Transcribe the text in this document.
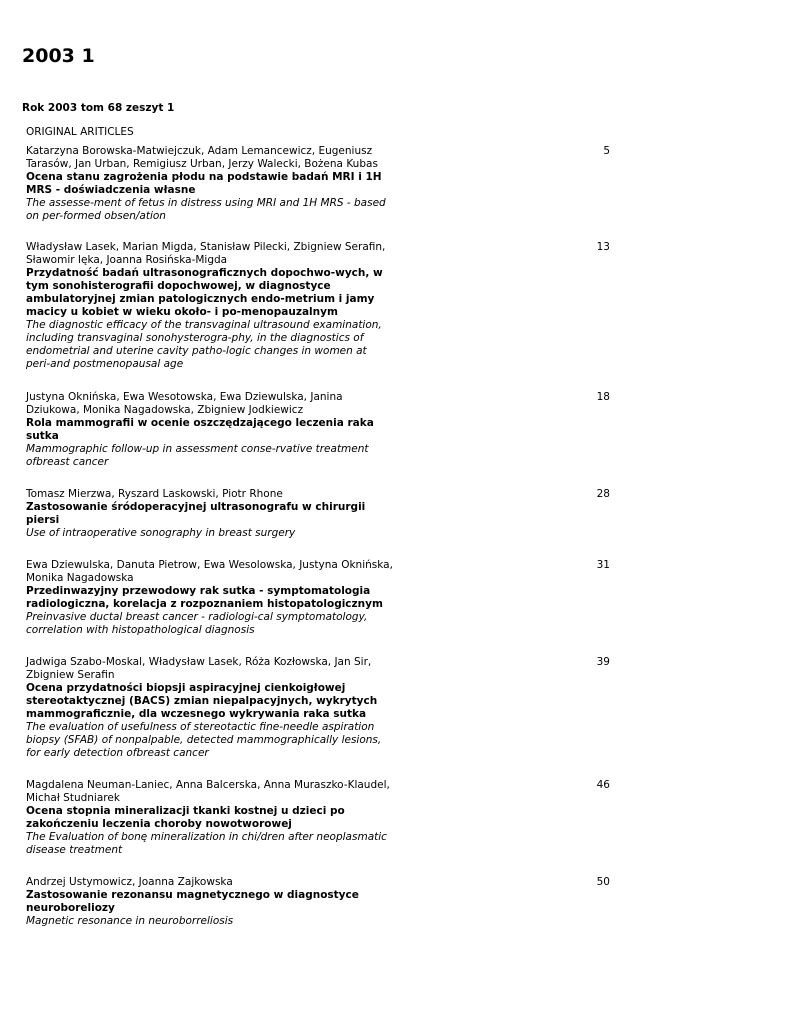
2003 1
Rok 2003 tom 68 zeszyt 1
ORIGINAL ARITICLES
Katarzyna Borowska-Matwiejczuk, Adam Lemancewicz, Eugeniusz
Tarasów, Jan Urban, Remigiusz Urban, Jerzy Walecki, Bożena Kubas
Ocena stanu zagrożenia płodu na podstawie badań MRI i 1H
MRS - doświadczenia własne
The assesse-ment of fetus in distress using MRI and 1H MRS - based
on per-formed obsen/ation
5
Władysław Lasek, Marian Migda, Stanisław Pilecki, Zbigniew Serafin,
Sławomir Ięka, Joanna Rosińska-Migda
Przydatność badań ultrasonograficznych dopochwo-wych, w
tym sonohisterografii dopochwowej, w diagnostyce
ambulatoryjnej zmian patologicznych endo-metrium i jamy
macicy u kobiet w wieku około- i po-menopauzalnym
The diagnostic efficacy of the transvaginal ultrasound examination,
including transvaginal sonohysterogra-phy, in the diagnostics of
endometrial and uterine cavity patho-logic changes in women at
peri-and postmenopausal age
13
Justyna Oknińska, Ewa Wesotowska, Ewa Dziewulska, Janina
Dziukowa, Monika Nagadowska, Zbigniew Jodkiewicz
Rola mammografii w ocenie oszczędzającego leczenia raka
sutka
Mammographic follow-up in assessment conse-rvative treatment
ofbreast cancer
18
Tomasz Mierzwa, Ryszard Laskowski, Piotr Rhone
Zastosowanie śródoperacyjnej ultrasonografu w chirurgii
piersi
Use of intraoperative sonography in breast surgery
28
Ewa Dziewulska, Danuta Pietrow, Ewa Wesolowska, Justyna Oknińska,
Monika Nagadowska
Przedinwazyjny przewodowy rak sutka - symptomatologia
radiologiczna, korelacja z rozpoznaniem histopatologicznym
Preinvasive ductal breast cancer - radiologi-cal symptomatology,
correlation with histopathological diagnosis
31
Jadwiga Szabo-Moskal, Władysław Lasek, Róża Kozłowska, Jan Sir,
Zbigniew Serafin
Ocena przydatności biopsji aspiracyjnej cienkoigłowej
stereotaktycznej (BACS) zmian niepalpacyjnych, wykrytych
mammograficznie, dla wczesnego wykrywania raka sutka
The evaluation of usefulness of stereotactic fine-needle aspiration
biopsy (SFAB) of nonpalpable, detected mammographically lesions,
for early detection ofbreast cancer
39
Magdalena Neuman-Laniec, Anna Balcerska, Anna Muraszko-Klaudel,
Michał Studniarek
Ocena stopnia mineralizacji tkanki kostnej u dzieci po
zakończeniu leczenia choroby nowotworowej
The Evaluation of bonę mineralization in chi/dren after neoplasmatic
disease treatment
46
Andrzej Ustymowicz, Joanna Zajkowska
Zastosowanie rezonansu magnetycznego w diagnostyce
neuroboreliozy
Magnetic resonance in neuroborreliosis
50
